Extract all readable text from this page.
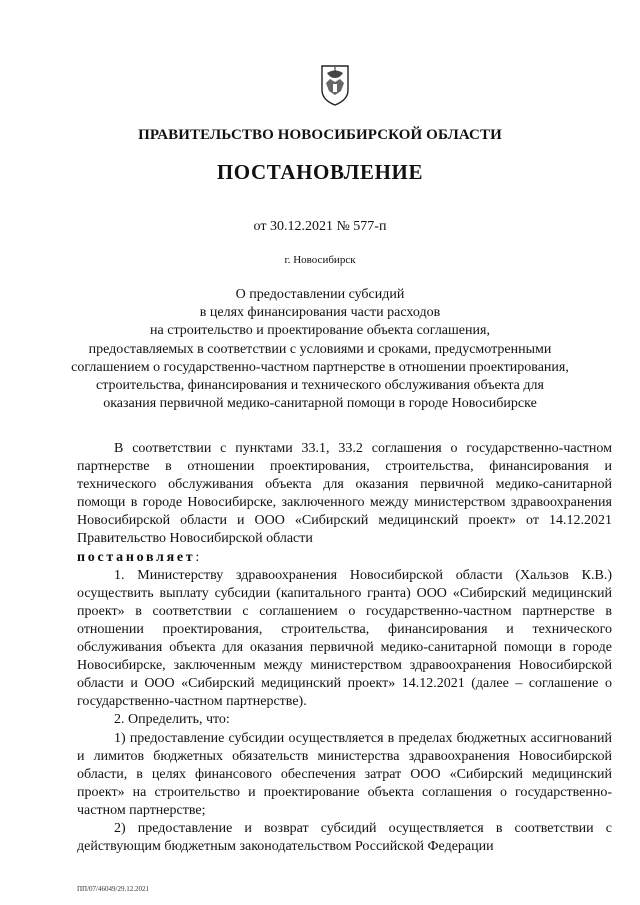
ПРАВИТЕЛЬСТВО НОВОСИБИРСКОЙ ОБЛАСТИ
ПОСТАНОВЛЕНИЕ
от 30.12.2021 № 577-п
г. Новосибирск
О предоставлении субсидий
в целях финансирования части расходов
на строительство и проектирование объекта соглашения,
предоставляемых в соответствии с условиями и сроками, предусмотренными
соглашением о государственно-частном партнерстве в отношении проектирования,
строительства, финансирования и технического обслуживания объекта для
оказания первичной медико-санитарной помощи в городе Новосибирске

В соответствии с пунктами 33.1, 33.2 соглашения о государственно-частном партнерстве в отношении проектирования, строительства, финансирования и технического обслуживания объекта для оказания первичной медико-санитарной помощи в городе Новосибирске, заключенного между министерством здравоохранения Новосибирской области и ООО «Сибирский медицинский проект» от 14.12.2021 Правительство Новосибирской области
постановляет:

1. Министерству здравоохранения Новосибирской области (Хальзов К.В.) осуществить выплату субсидии (капитального гранта) ООО «Сибирский медицинский проект» в соответствии с соглашением о государственно-частном партнерстве в отношении проектирования, строительства, финансирования и технического обслуживания объекта для оказания первичной медико-санитарной помощи в городе Новосибирске, заключенным между министерством здравоохранения Новосибирской области и ООО «Сибирский медицинский проект» 14.12.2021 (далее – соглашение о государственно-частном партнерстве).

2. Определить, что:

1) предоставление субсидии осуществляется в пределах бюджетных ассигнований и лимитов бюджетных обязательств министерства здравоохранения Новосибирской области, в целях финансового обеспечения затрат ООО «Сибирский медицинский проект» на строительство и проектирование объекта соглашения о государственно-частном партнерстве;

2) предоставление и возврат субсидий осуществляется в соответствии с действующим бюджетным законодательством Российской Федерации

ПП/07/46049/29.12.2021
